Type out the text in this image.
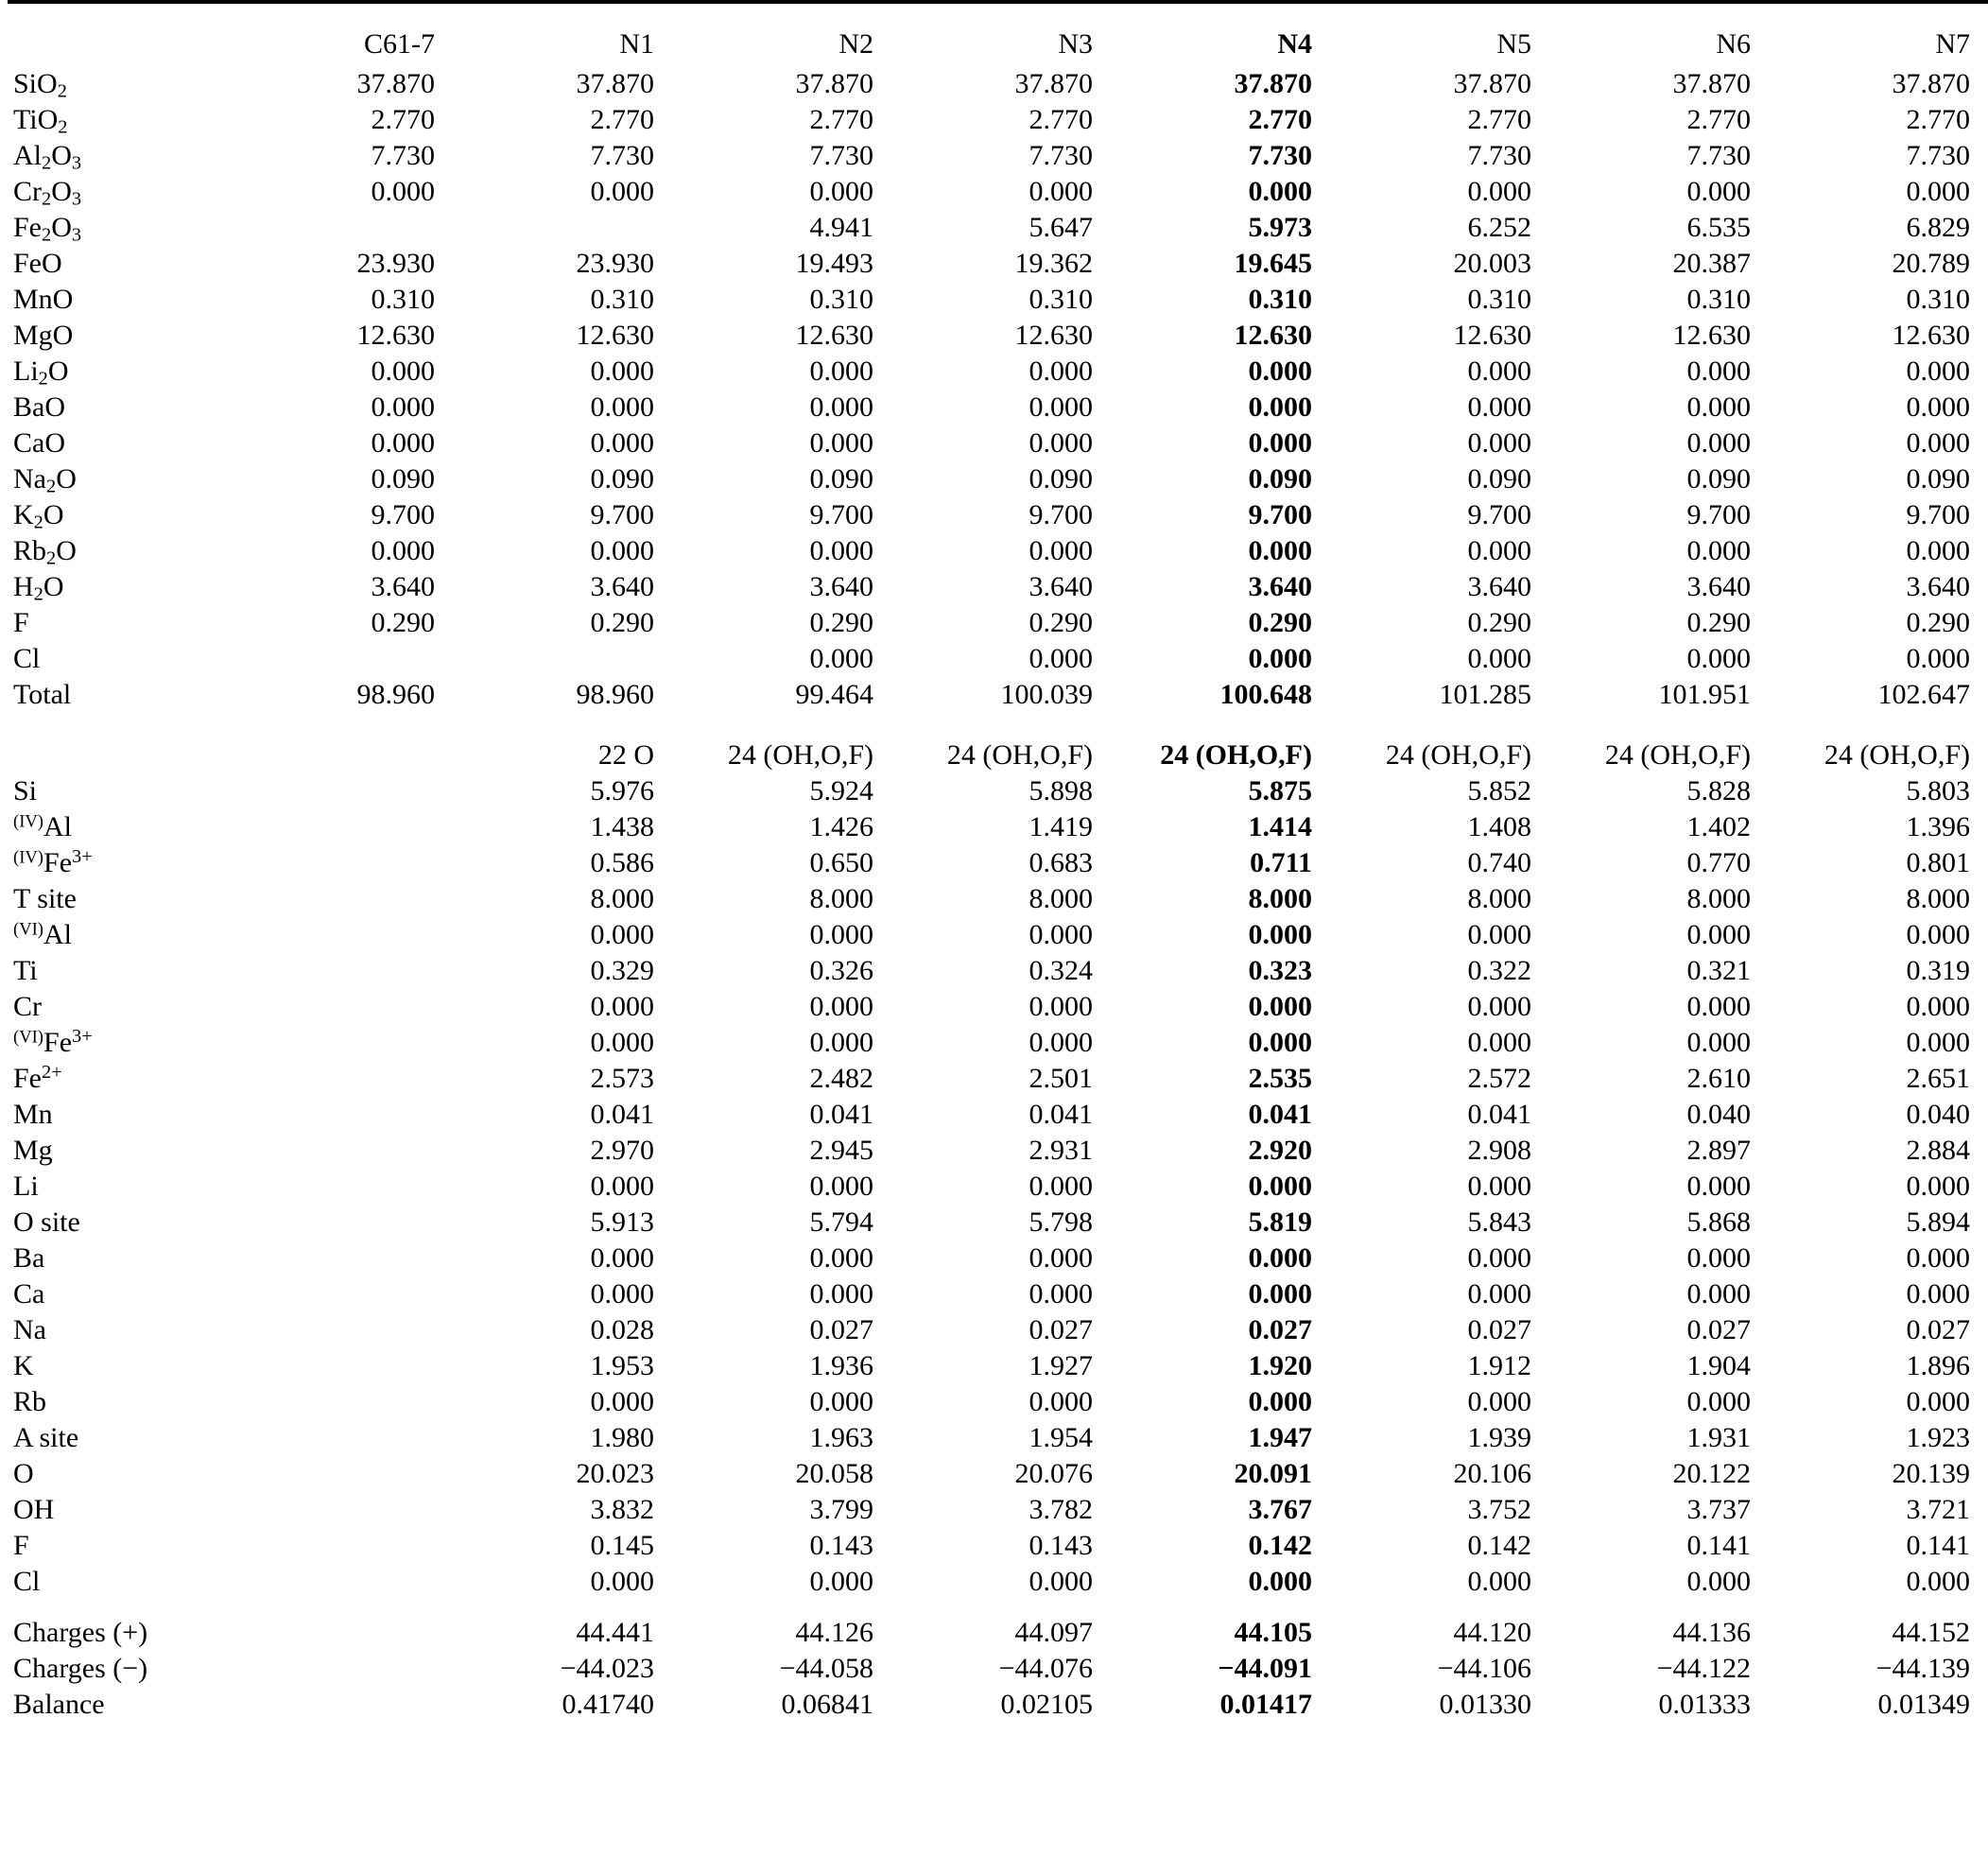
	C61-7	N1	N2	N3	N4	N5	N6	N7
SiO$_2$	37.870	37.870	37.870	37.870	37.870	37.870	37.870	37.870
TiO$_2$	2.770	2.770	2.770	2.770	2.770	2.770	2.770	2.770
$Al_2O_3$	7.730	7.730	7.730	7.730	7.730	7.730	7.730	7.730
$Cr_2O_3$	0.000	0.000	0.000	0.000	0.000	0.000	0.000	0.000
$Fe_2O_3$			4.941	5.647	5.973	6.252	6.535	6.829
FeO	23.930	23.930	19.493	19.362	19.645	20.003	20.387	20.789
MnO	0.310	0.310	0.310	0.310	0.310	0.310	0.310	0.310
MgO	12.630	12.630	12.630	12.630	12.630	12.630	12.630	12.630
$Li_2O$	0.000	0.000	0.000	0.000	0.000	0.000	0.000	0.000
BaO	0.000	0.000	0.000	0.000	0.000	0.000	0.000	0.000
CaO	0.000	0.000	0.000	0.000	0.000	0.000	0.000	0.000
$Na_2O$	0.090	0.090	0.090	0.090	0.090	0.090	0.090	0.090
$K_2O$	9.700	9.700	9.700	9.700	9.700	9.700	9.700	9.700
$Rb_2O$	0.000	0.000	0.000	0.000	0.000	0.000	0.000	0.000
$H_2O$	3.640	3.640	3.640	3.640	3.640	3.640	3.640	3.640
F	0.290	0.290	0.290	0.290	0.290	0.290	0.290	0.290
Cl			0.000	0.000	0.000	0.000	0.000	0.000
Total	98.960	98.960	99.464	100.039	100.648	101.285	101.951	102.647

		22 O	24 (OH,O,F)	24 (OH,O,F)	24 (OH,O,F)	24 (OH,O,F)	24 (OH,O,F)	24 (OH,O,F)
Si		5.976	5.924	5.898	5.875	5.852	5.828	5.803
$^{(IV)}$Al		1.438	1.426	1.419	1.414	1.408	1.402	1.396
$^{(IV)}Fe^{3+}$		0.586	0.650	0.683	0.711	0.740	0.770	0.801
T site		8.000	8.000	8.000	8.000	8.000	8.000	8.000
$^{(VI)}$Al		0.000	0.000	0.000	0.000	0.000	0.000	0.000
Ti		0.329	0.326	0.324	0.323	0.322	0.321	0.319
Cr		0.000	0.000	0.000	0.000	0.000	0.000	0.000
$^{(VI)}Fe^{3+}$		0.000	0.000	0.000	0.000	0.000	0.000	0.000
$Fe^{2+}$		2.573	2.482	2.501	2.535	2.572	2.610	2.651
Mn		0.041	0.041	0.041	0.041	0.041	0.040	0.040
Mg		2.970	2.945	2.931	2.920	2.908	2.897	2.884
Li		0.000	0.000	0.000	0.000	0.000	0.000	0.000
O site		5.913	5.794	5.798	5.819	5.843	5.868	5.894
Ba		0.000	0.000	0.000	0.000	0.000	0.000	0.000
Ca		0.000	0.000	0.000	0.000	0.000	0.000	0.000
Na		0.028	0.027	0.027	0.027	0.027	0.027	0.027
K		1.953	1.936	1.927	1.920	1.912	1.904	1.896
Rb		0.000	0.000	0.000	0.000	0.000	0.000	0.000
A site		1.980	1.963	1.954	1.947	1.939	1.931	1.923
O		20.023	20.058	20.076	20.091	20.106	20.122	20.139
OH		3.832	3.799	3.782	3.767	3.752	3.737	3.721
F		0.145	0.143	0.143	0.142	0.142	0.141	0.141
Cl		0.000	0.000	0.000	0.000	0.000	0.000	0.000

Charges (+)		44.441	44.126	44.097	44.105	44.120	44.136	44.152
Charges (−)		−44.023	−44.058	−44.076	−44.091	−44.106	−44.122	−44.139
Balance		0.41740	0.06841	0.02105	0.01417	0.01330	0.01333	0.01349
